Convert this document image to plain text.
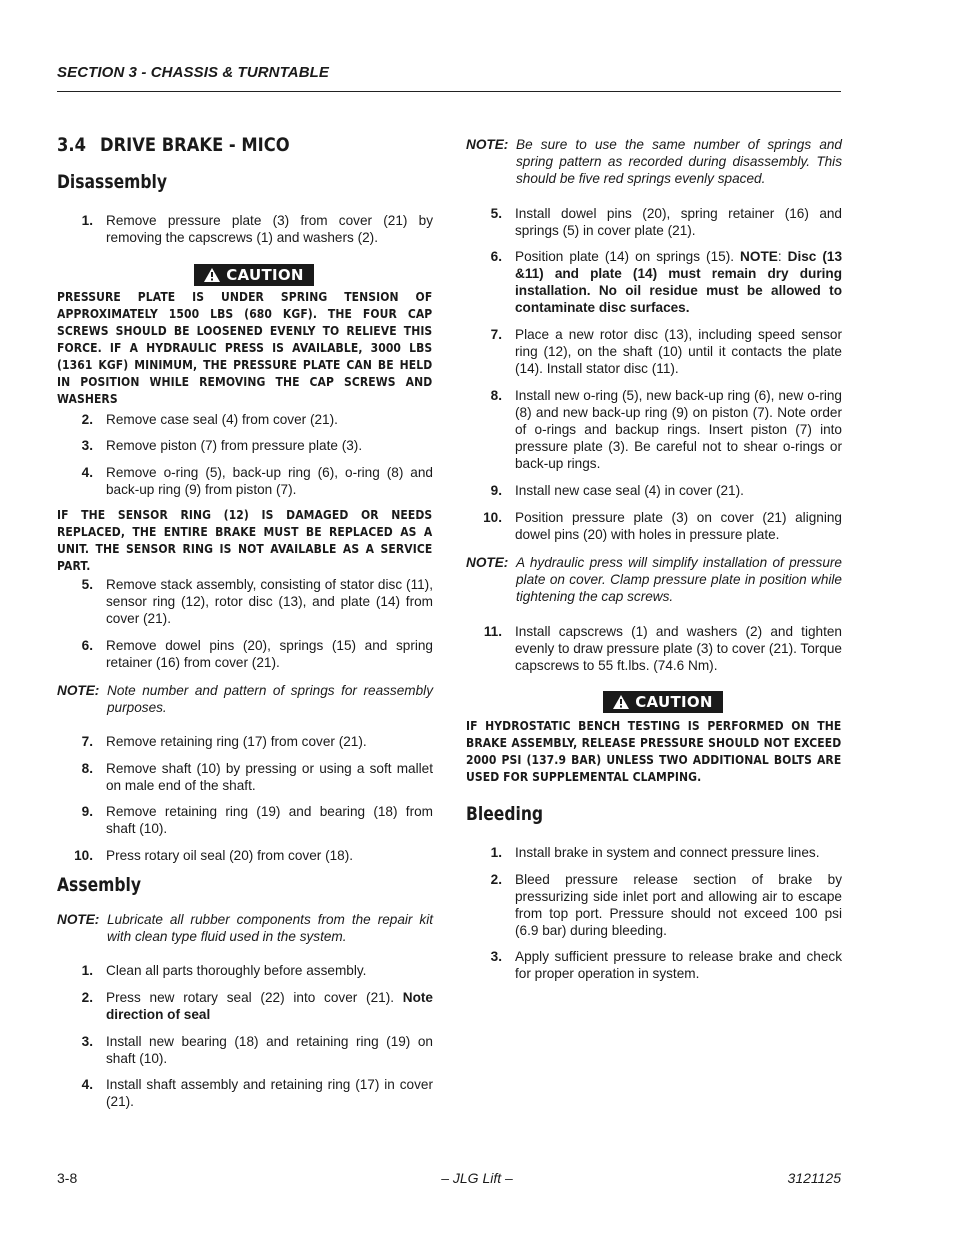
SECTION 3 - CHASSIS & TURNTABLE
3.4 DRIVE BRAKE - MICO
Disassembly
1. Remove pressure plate (3) from cover (21) by removing the capscrews (1) and washers (2).
CAUTION
PRESSURE PLATE IS UNDER SPRING TENSION OF APPROXIMATELY 1500 LBS (680 KGF). THE FOUR CAP SCREWS SHOULD BE LOOSENED EVENLY TO RELIEVE THIS FORCE. IF A HYDRAULIC PRESS IS AVAILABLE, 3000 LBS (1361 KGF) MINIMUM, THE PRESSURE PLATE CAN BE HELD IN POSITION WHILE REMOVING THE CAP SCREWS AND WASHERS
2. Remove case seal (4) from cover (21).
3. Remove piston (7) from pressure plate (3).
4. Remove o-ring (5), back-up ring (6), o-ring (8) and back-up ring (9) from piston (7).
IF THE SENSOR RING (12) IS DAMAGED OR NEEDS REPLACED, THE ENTIRE BRAKE MUST BE REPLACED AS A UNIT. THE SENSOR RING IS NOT AVAILABLE AS A SERVICE PART.
5. Remove stack assembly, consisting of stator disc (11), sensor ring (12), rotor disc (13), and plate (14) from cover (21).
6. Remove dowel pins (20), springs (15) and spring retainer (16) from cover (21).
NOTE: Note number and pattern of springs for reassembly purposes.
7. Remove retaining ring (17) from cover (21).
8. Remove shaft (10) by pressing or using a soft mallet on male end of the shaft.
9. Remove retaining ring (19) and bearing (18) from shaft (10).
10. Press rotary oil seal (20) from cover (18).
Assembly
NOTE: Lubricate all rubber components from the repair kit with clean type fluid used in the system.
1. Clean all parts thoroughly before assembly.
2. Press new rotary seal (22) into cover (21). Note direction of seal
3. Install new bearing (18) and retaining ring (19) on shaft (10).
4. Install shaft assembly and retaining ring (17) in cover (21).
NOTE: Be sure to use the same number of springs and spring pattern as recorded during disassembly. This should be five red springs evenly spaced.
5. Install dowel pins (20), spring retainer (16) and springs (5) in cover plate (21).
6. Position plate (14) on springs (15). NOTE: Disc (13 &11) and plate (14) must remain dry during installation. No oil residue must be allowed to contaminate disc surfaces.
7. Place a new rotor disc (13), including speed sensor ring (12), on the shaft (10) until it contacts the plate (14). Install stator disc (11).
8. Install new o-ring (5), new back-up ring (6), new o-ring (8) and new back-up ring (9) on piston (7). Note order of o-rings and backup rings. Insert piston (7) into pressure plate (3). Be careful not to shear o-rings or back-up rings.
9. Install new case seal (4) in cover (21).
10. Position pressure plate (3) on cover (21) aligning dowel pins (20) with holes in pressure plate.
NOTE: A hydraulic press will simplify installation of pressure plate on cover. Clamp pressure plate in position while tightening the cap screws.
11. Install capscrews (1) and washers (2) and tighten evenly to draw pressure plate (3) to cover (21). Torque capscrews to 55 ft.lbs. (74.6 Nm).
CAUTION
IF HYDROSTATIC BENCH TESTING IS PERFORMED ON THE BRAKE ASSEMBLY, RELEASE PRESSURE SHOULD NOT EXCEED 2000 PSI (137.9 BAR) UNLESS TWO ADDITIONAL BOLTS ARE USED FOR SUPPLEMENTAL CLAMPING.
Bleeding
1. Install brake in system and connect pressure lines.
2. Bleed pressure release section of brake by pressurizing side inlet port and allowing air to escape from top port. Pressure should not exceed 100 psi (6.9 bar) during bleeding.
3. Apply sufficient pressure to release brake and check for proper operation in system.
3-8	– JLG Lift –	3121125
